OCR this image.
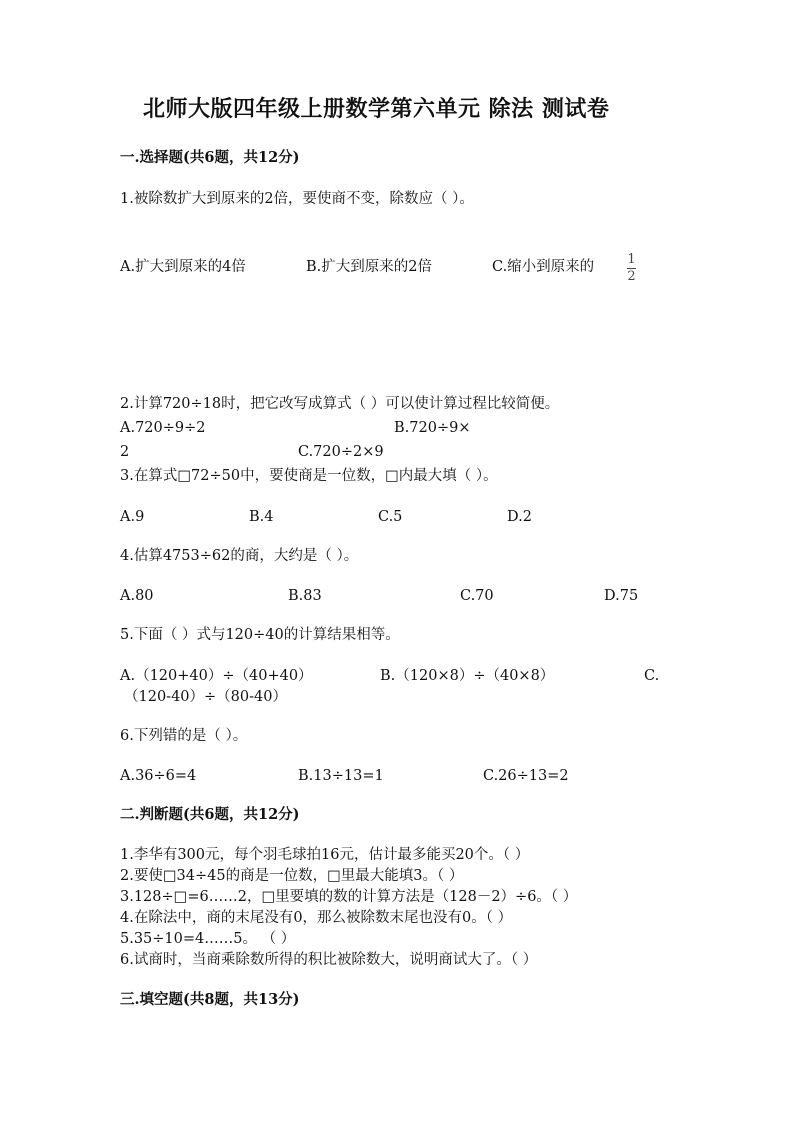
北师大版四年级上册数学第六单元 除法 测试卷
一.选择题(共6题，共12分)
1.被除数扩大到原来的2倍，要使商不变，除数应（ ）。
A.扩大到原来的4倍	B.扩大到原来的2倍	C.缩小到原来的	1
2
2.计算720÷18时，把它改写成算式（ ）可以使计算过程比较简便。
A.720÷9÷2	B.720÷9×
2	C.720÷2×9
3.在算式□72÷50中，要使商是一位数，□内最大填（ ）。
A.9	B.4	C.5	D.2
4.估算4753÷62的商，大约是（ ）。
A.80	B.83	C.70	D.75
5.下面（ ）式与120÷40的计算结果相等。
A.（120+40）÷（40+40）	B.（120×8）÷（40×8）	C.
（120-40）÷（80-40）
6.下列错的是（ ）。
A.36÷6=4	B.13÷13=1	C.26÷13=2
二.判断题(共6题，共12分)
1.李华有300元，每个羽毛球拍16元，估计最多能买20个。（ ）
2.要使□34÷45的商是一位数，□里最大能填3。（ ）
3.128÷□=6……2，□里要填的数的计算方法是（128－2）÷6。（ ）
4.在除法中，商的末尾没有0，那么被除数末尾也没有0。（ ）
5.35÷10=4……5。 （ ）
6.试商时，当商乘除数所得的积比被除数大，说明商试大了。（ ）
三.填空题(共8题，共13分)
